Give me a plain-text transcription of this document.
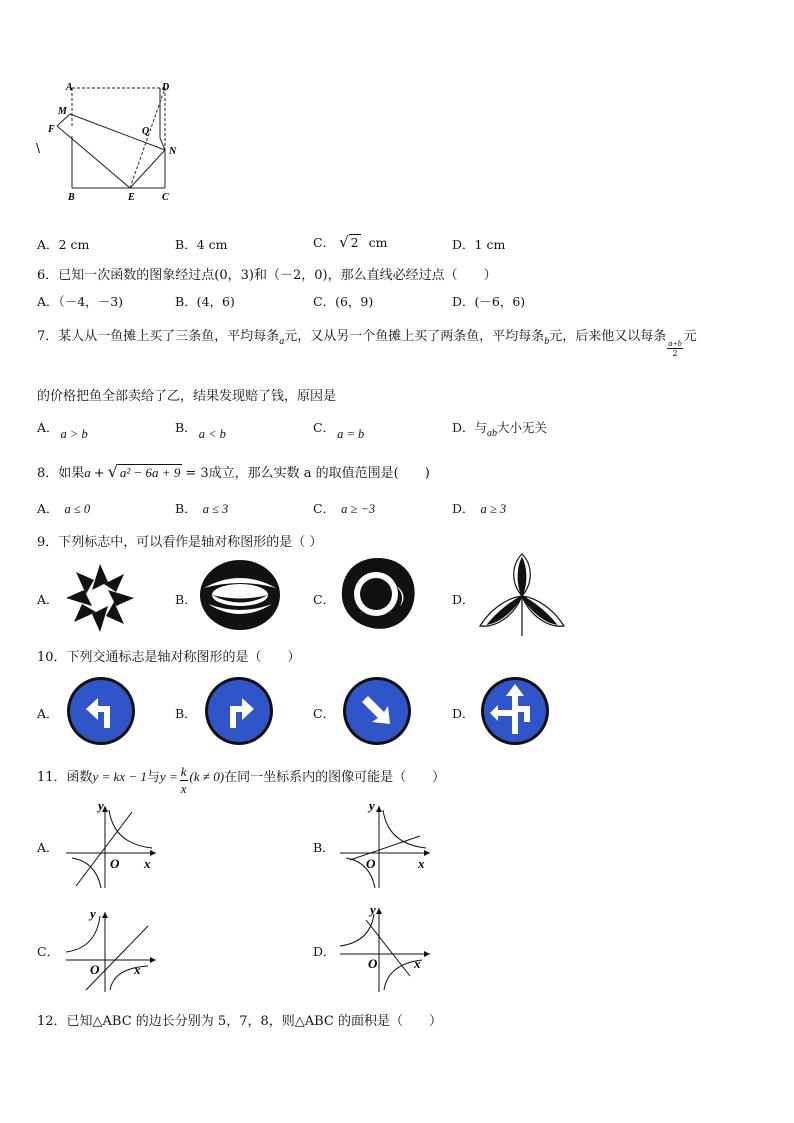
A	D
M
Q
F
N
B	E	C
\
A．2 cm	B．4 cm	C． √ 2 cm	D．1 cm
6．已知一次函数的图象经过点(0，3)和（－2，0)，那么直线必经过点（　　）
A．（－4，－3)	B．(4，6)	C．(6，9)	D．(－6，6)
7．某人从一鱼摊上买了三条鱼，平均每条$_a$元，又从另一个鱼摊上买了两条鱼，平均每条$_b$元，后来他又以每条
$\frac{a+b}{2}$
元
的价格把鱼全部卖给了乙，结果发现赔了钱，原因是
A． a > b	B． a < b	C． a = b	D．与$_{ab}$大小无关
8．如果a + √ a² − 6a + 9 = 3成立，那么实数 a 的取值范围是(　　)
A． a ≤ 0	B． a ≤ 3	C． a ≥ −3	D． a ≥ 3
9．下列标志中，可以看作是轴对称图形的是（ ）
A．	B．	C．	D．
10．下列交通标志是轴对称图形的是（　　）
A．	B．	C．	D．
11．函数y = kx − 1与$y = \frac{k}{x} (k \ne 0)$在同一坐标系内的图像可能是（　　）
A．	B．
C．	D．
y
x
O
y
x
O
y
x
O
y
x
O
12．已知△ABC 的边长分别为 5，7，8，则△ABC 的面积是（　　）
